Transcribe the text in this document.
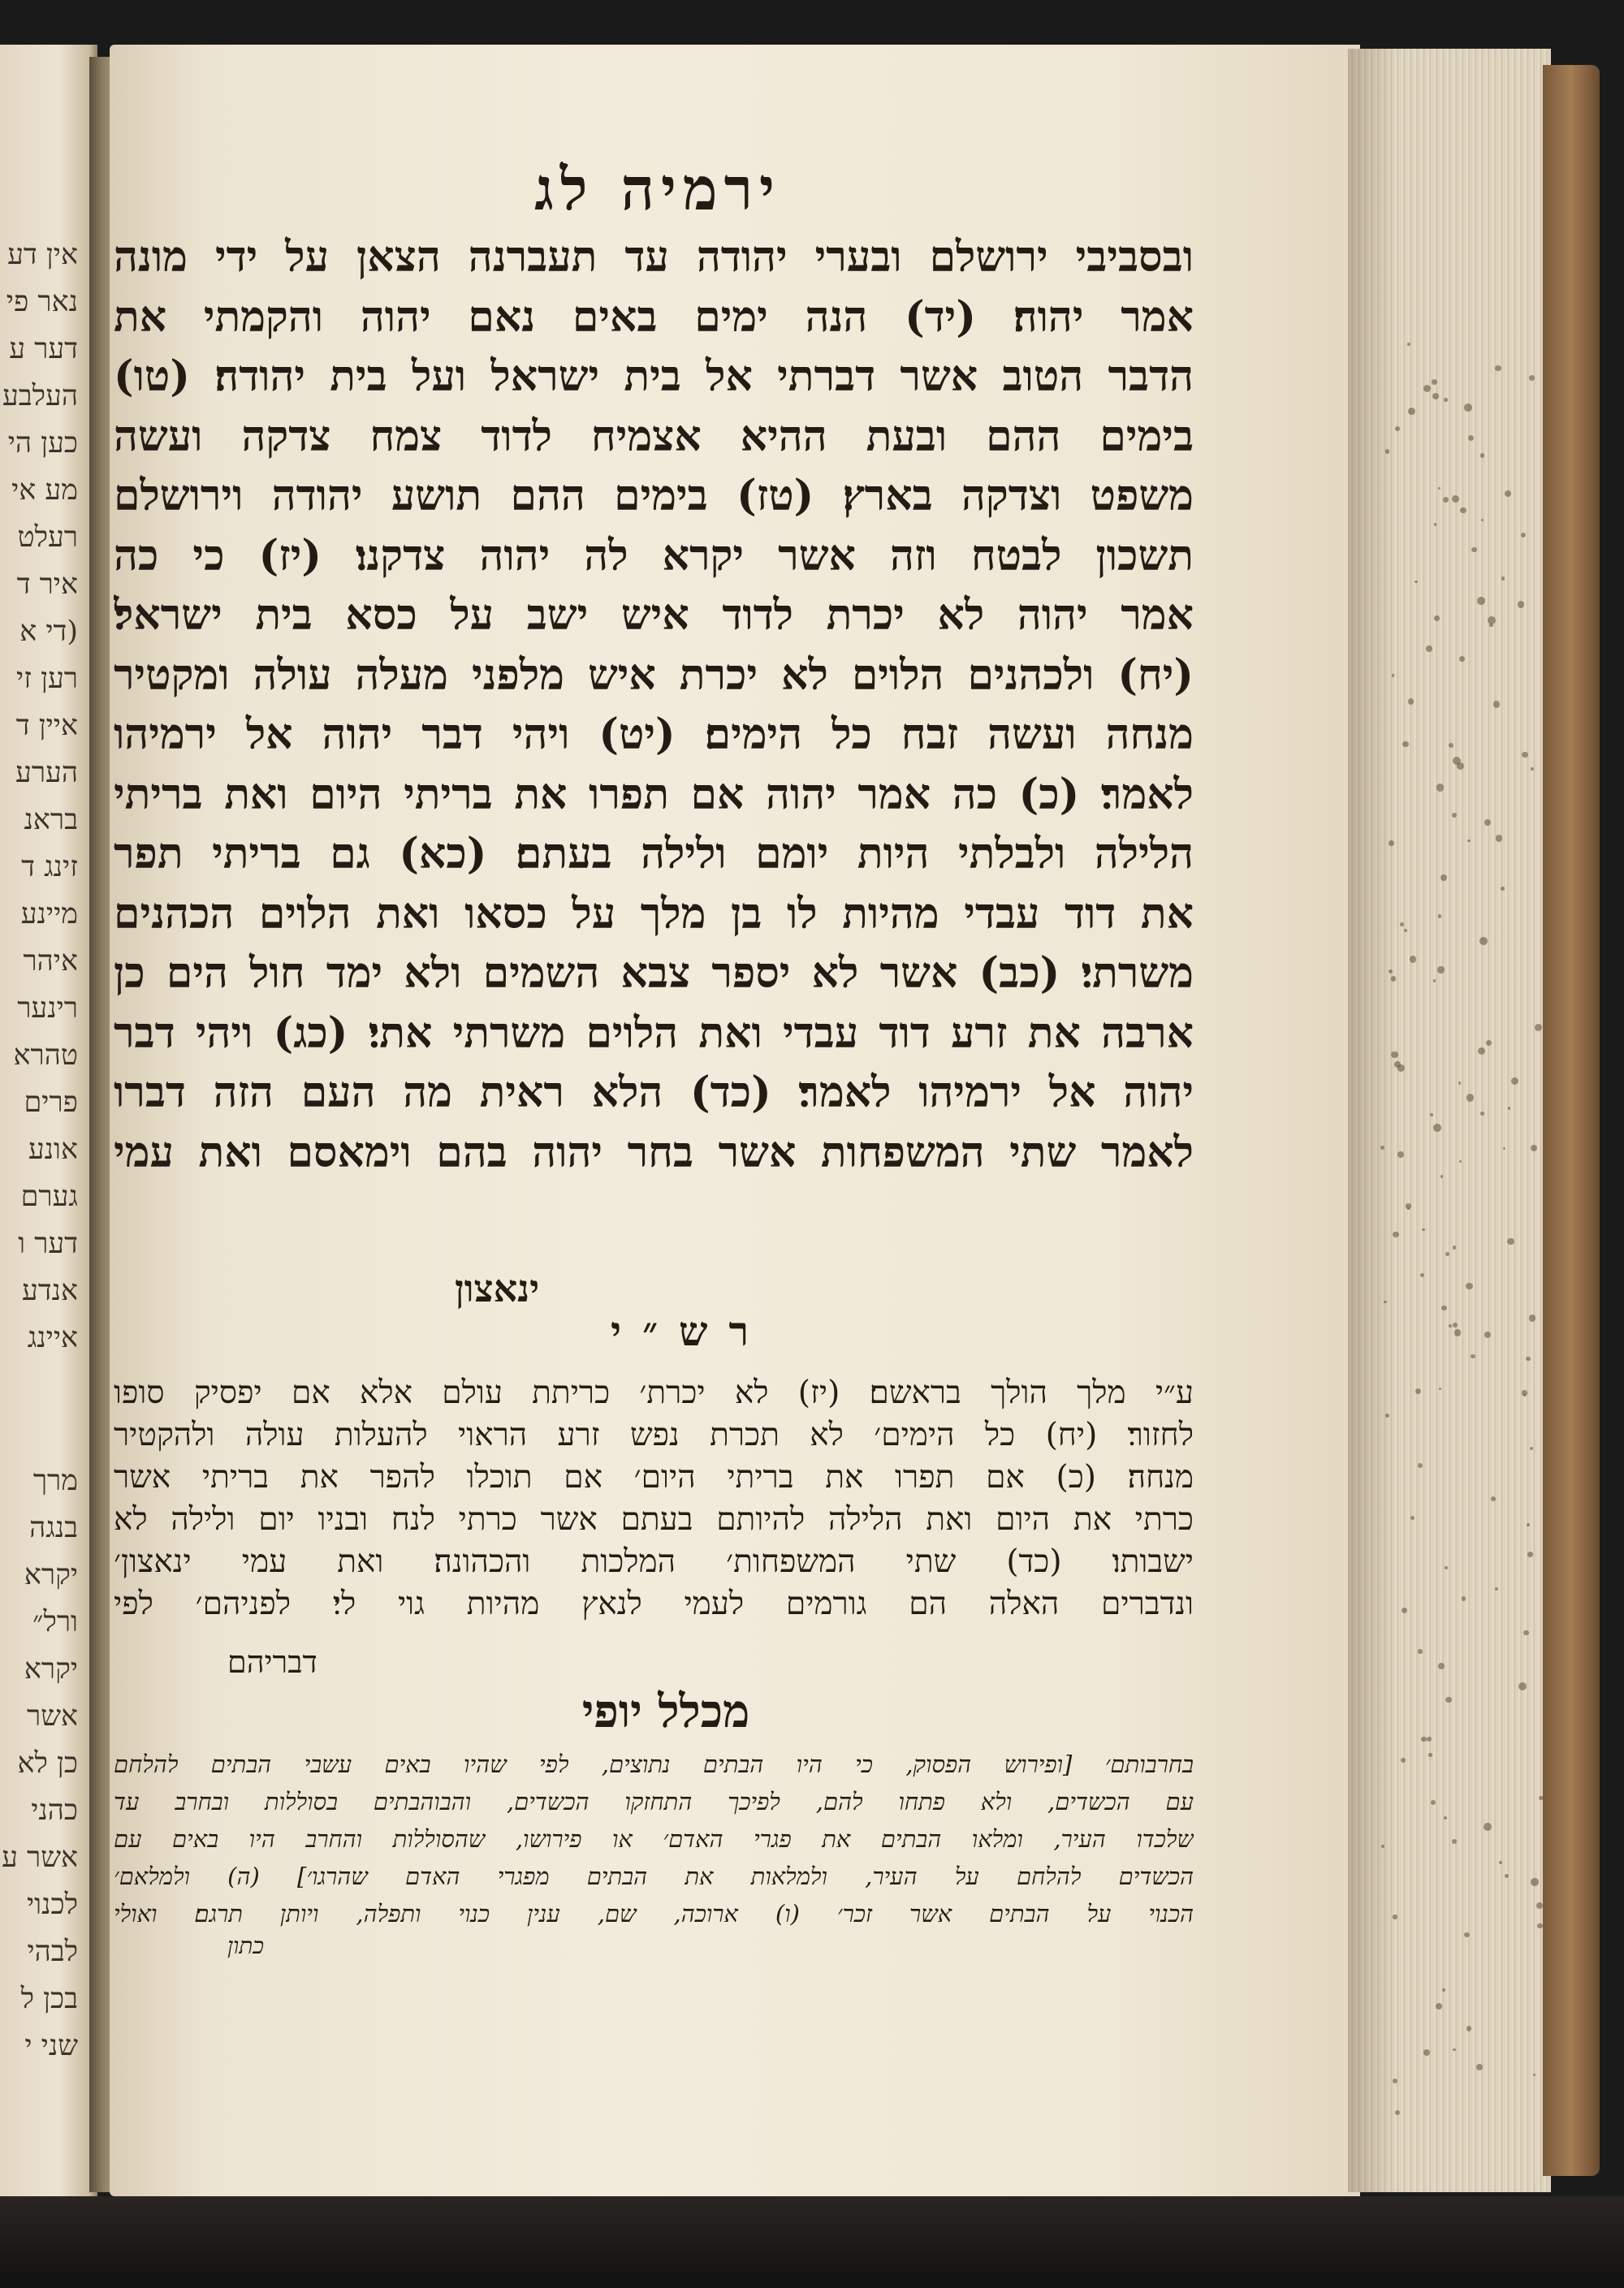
אין דע
נאר פי
דער ע
העלבע
כען הי
מע אי
רעלט
איר ד
(די א
רען זי
איין ד
הערע
בראנ
זינג ד
מיינע
איהר
רינער
טהרא
פרים
אונע
גערם
דער ו
אנדע
איינג
מרך
בנגה
יקרא
ורל״
יקרא
אשר
כן לא
כהני
אשר ע
לכנוי
לבהי
בכן ל
שני י
ירמיה לג
ובסביבי ירושלם ובערי יהודה עד תעברנה הצאן על ידי מונה
אמר יהוה׃ (יד) הנה ימים באים נאם יהוה והקמתי את
הדבר הטוב אשר דברתי אל בית ישראל ועל בית יהודה׃ (טו)
בימים ההם ובעת ההיא אצמיח לדוד צמח צדקה ועשה
משפט וצדקה בארץ׃ (טז) בימים ההם תושע יהודה וירושלם
תשכון לבטח וזה אשר יקרא לה יהוה צדקנו׃ (יז) כי כה
אמר יהוה לא יכרת לדוד איש ישב על כסא בית ישראל׃
(יח) ולכהנים הלוים לא יכרת איש מלפני מעלה עולה ומקטיר
מנחה ועשה זבח כל הימים׃ (יט) ויהי דבר יהוה אל ירמיהו
לאמר׃ (כ) כה אמר יהוה אם תפרו את בריתי היום ואת בריתי
הלילה ולבלתי היות יומם ולילה בעתם׃ (כא) גם בריתי תפר
את דוד עבדי מהיות לו בן מלך על כסאו ואת הלוים הכהנים
משרתי׃ (כב) אשר לא יספר צבא השמים ולא ימד חול הים כן
ארבה את זרע דוד עבדי ואת הלוים משרתי אתי׃ (כג) ויהי דבר
יהוה אל ירמיהו לאמר׃ (כד) הלא ראית מה העם הזה דברו
לאמר שתי המשפחות אשר בחר יהוה בהם וימאסם ואת עמי
ינאצון
רש״י
ע״י מלך הולך בראשם׃ (יז) לא יכרת׳ כריתת עולם אלא אם יפסיק סופו
לחזור׃ (יח) כל הימים׳ לא תכרת נפש זרע הראוי להעלות עולה ולהקטיר
מנחה׃ (כ) אם תפרו את בריתי היום׳ אם תוכלו להפר את בריתי אשר
כרתי את היום ואת הלילה להיותם בעתם אשר כרתי לנח ובניו יום ולילה לא
ישבותו׃ (כד) שתי המשפחות׳ המלכות והכהונה׃ ואת עמי ינאצון׳
ונדברים האלה הם גורמים לעמי לנאץ מהיות גוי לי׃ לפניהם׳ לפי
דבריהם
מכלל יופי
בחרבותם׳ [ופירוש הפסוק, כי היו הבתים נתוצים, לפי שהיו באים עשבי הבתים להלחם
עם הכשדים, ולא פתחו להם, לפיכך התחזקו הכשדים, והבוהבתים בסוללות ובחרב עד
שלכדו העיר, ומלאו הבתים את פגרי האדם׳ או פירושו, שהסוללות והחרב היו באים עם
הכשדים להלחם על העיר, ולמלאות את הבתים מפגרי האדם שהרגו׳] (ה) ולמלאם׳
הכנוי על הבתים אשר זכר׳ (ו) ארוכה, שם, ענין כנוי ותפלה, ויותן תרגם׃ ואולי
כתון
